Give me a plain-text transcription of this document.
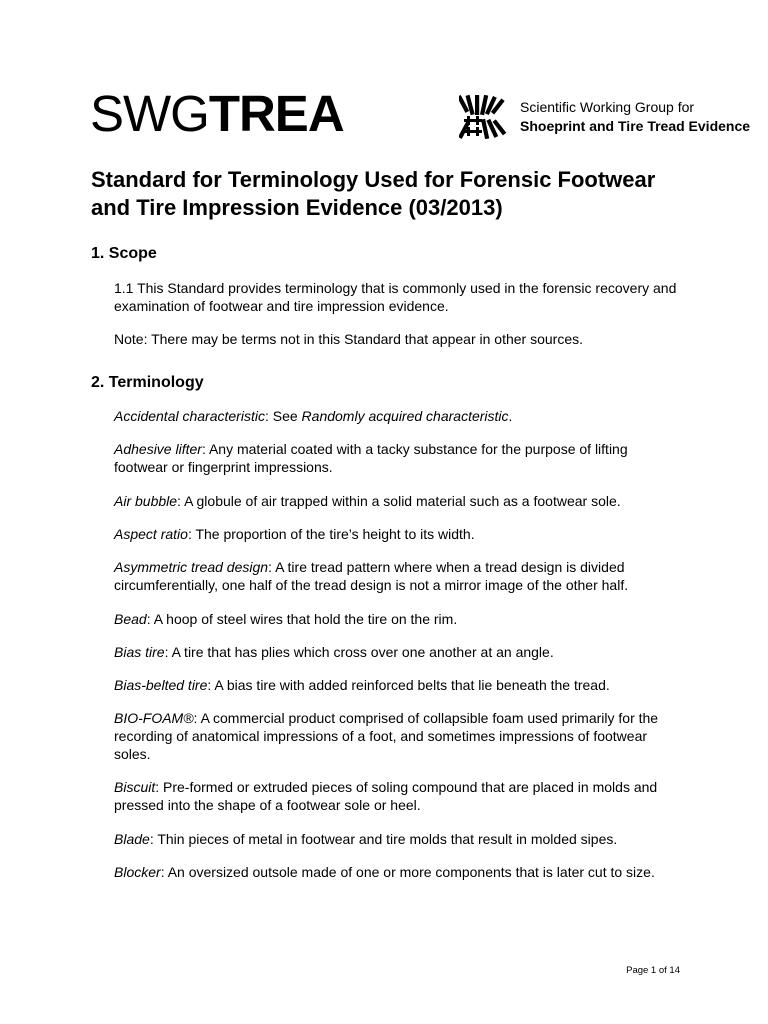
SWGTREA	Scientific Working Group for
Shoeprint and Tire Tread Evidence
Standard for Terminology Used for Forensic Footwear and Tire Impression Evidence (03/2013)
1. Scope

1.1 This Standard provides terminology that is commonly used in the forensic recovery and examination of footwear and tire impression evidence.

Note: There may be terms not in this Standard that appear in other sources.

2. Terminology

Accidental characteristic: See Randomly acquired characteristic.

Adhesive lifter: Any material coated with a tacky substance for the purpose of lifting footwear or fingerprint impressions.

Air bubble: A globule of air trapped within a solid material such as a footwear sole.

Aspect ratio: The proportion of the tire’s height to its width.

Asymmetric tread design: A tire tread pattern where when a tread design is divided circumferentially, one half of the tread design is not a mirror image of the other half.

Bead: A hoop of steel wires that hold the tire on the rim.

Bias tire: A tire that has plies which cross over one another at an angle.

Bias-belted tire: A bias tire with added reinforced belts that lie beneath the tread.

BIO-FOAM®: A commercial product comprised of collapsible foam used primarily for the recording of anatomical impressions of a foot, and sometimes impressions of footwear soles.

Biscuit: Pre-formed or extruded pieces of soling compound that are placed in molds and pressed into the shape of a footwear sole or heel.

Blade: Thin pieces of metal in footwear and tire molds that result in molded sipes.

Blocker: An oversized outsole made of one or more components that is later cut to size.

Page 1 of 14
